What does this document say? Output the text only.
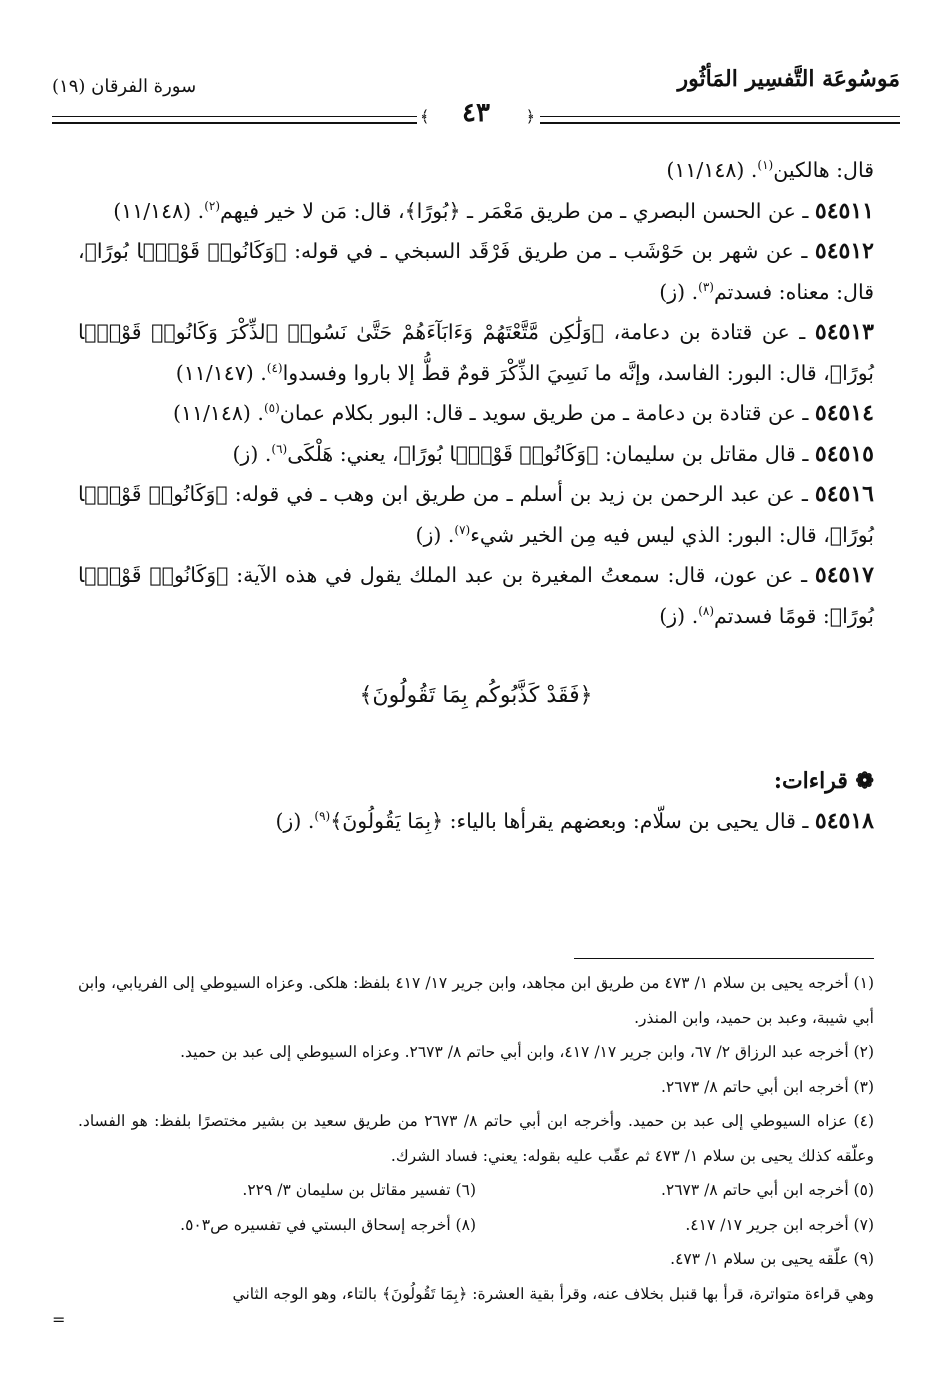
مَوسُوعَة التَّفسِير المَأثُور
سورة الفرقان (١٩)
﴿
﴾	٤٣

قال: هالكين$^{(١)}$. (١١/١٤٨)

٥٤٥١١ ـ عن الحسن البصري ـ من طريق مَعْمَر ـ ﴿بُورًا﴾، قال: مَن لا خير فيهم$^{(٢)}$. (١١/١٤٨)

٥٤٥١٢ ـ عن شهر بن حَوْشَب ـ من طريق فَرْقَد السبخي ـ في قوله: ﴿وَكَانُوا۟ قَوْمًۢا بُورًا﴾، قال: معناه: فسدتم$^{(٣)}$. (ز)

٥٤٥١٣ ـ عن قتادة بن دعامة، ﴿وَلَٰكِن مَّتَّعْتَهُمْ وَءَابَآءَهُمْ حَتَّىٰ نَسُوا۟ ٱلذِّكْرَ وَكَانُوا۟ قَوْمًۢا بُورًا﴾، قال: البور: الفاسد، وإنَّه ما نَسِيَ الذِّكْرَ قومٌ قطُّ إلا باروا وفسدوا$^{(٤)}$. (١١/١٤٧)

٥٤٥١٤ ـ عن قتادة بن دعامة ـ من طريق سويد ـ قال: البور بكلام عمان$^{(٥)}$. (١١/١٤٨)

٥٤٥١٥ ـ قال مقاتل بن سليمان: ﴿وَكَانُوا۟ قَوْمًۢا بُورًا﴾، يعني: هَلْكَى$^{(٦)}$. (ز)

٥٤٥١٦ ـ عن عبد الرحمن بن زيد بن أسلم ـ من طريق ابن وهب ـ في قوله: ﴿وَكَانُوا۟ قَوْمًۢا بُورًا﴾، قال: البور: الذي ليس فيه مِن الخير شيء$^{(٧)}$. (ز)

٥٤٥١٧ ـ عن عون، قال: سمعتُ المغيرة بن عبد الملك يقول في هذه الآية: ﴿وَكَانُوا۟ قَوْمًۢا بُورًا﴾: قومًا فسدتم$^{(٨)}$. (ز)

﴿فَقَدْ كَذَّبُوكُم بِمَا تَقُولُونَ﴾

❁ قراءات:

٥٤٥١٨ ـ قال يحيى بن سلّام: وبعضهم يقرأها بالياء: ﴿بِمَا يَقُولُونَ﴾$^{(٩)}$. (ز)

(١) أخرجه يحيى بن سلام ١/ ٤٧٣ من طريق ابن مجاهد، وابن جرير ١٧/ ٤١٧ بلفظ: هلكى. وعزاه السيوطي إلى الفريابي، وابن أبي شيبة، وعبد بن حميد، وابن المنذر.

(٢) أخرجه عبد الرزاق ٢/ ٦٧، وابن جرير ١٧/ ٤١٧، وابن أبي حاتم ٨/ ٢٦٧٣. وعزاه السيوطي إلى عبد بن حميد.

(٣) أخرجه ابن أبي حاتم ٨/ ٢٦٧٣.

(٤) عزاه السيوطي إلى عبد بن حميد. وأخرجه ابن أبي حاتم ٨/ ٢٦٧٣ من طريق سعيد بن بشير مختصرًا بلفظ: هو الفساد. وعلّقه كذلك يحيى بن سلام ١/ ٤٧٣ ثم عقّب عليه بقوله: يعني: فساد الشرك.

(٥) أخرجه ابن أبي حاتم ٨/ ٢٦٧٣.
(٦) تفسير مقاتل بن سليمان ٣/ ٢٢٩.
(٧) أخرجه ابن جرير ١٧/ ٤١٧.
(٨) أخرجه إسحاق البستي في تفسيره ص٥٠٣.

(٩) علّقه يحيى بن سلام ١/ ٤٧٣.

وهي قراءة متواترة، قرأ بها قنبل بخلاف عنه، وقرأ بقية العشرة: ﴿بِمَا تَقُولُونَ﴾ بالتاء، وهو الوجه الثاني

=
